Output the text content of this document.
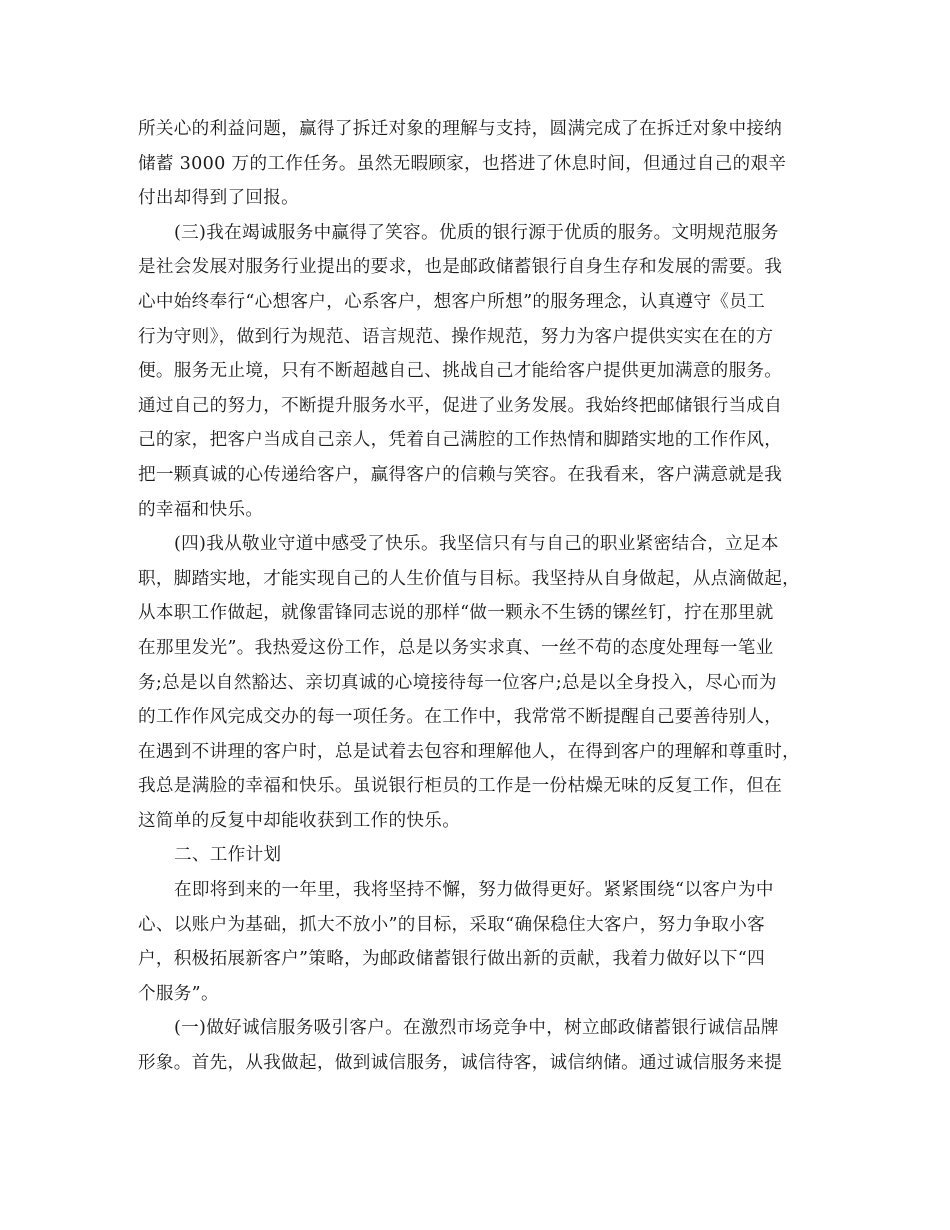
所关心的利益问题，赢得了拆迁对象的理解与支持，圆满完成了在拆迁对象中接纳
储蓄 3000 万的工作任务。虽然无暇顾家，也搭进了休息时间，但通过自己的艰辛
付出却得到了回报。
(三)我在竭诚服务中赢得了笑容。优质的银行源于优质的服务。文明规范服务
是社会发展对服务行业提出的要求，也是邮政储蓄银行自身生存和发展的需要。我
心中始终奉行“心想客户，心系客户，想客户所想”的服务理念，认真遵守《员工
行为守则》，做到行为规范、语言规范、操作规范，努力为客户提供实实在在的方
便。服务无止境，只有不断超越自己、挑战自己才能给客户提供更加满意的服务。
通过自己的努力，不断提升服务水平，促进了业务发展。我始终把邮储银行当成自
己的家，把客户当成自己亲人，凭着自己满腔的工作热情和脚踏实地的工作作风，
把一颗真诚的心传递给客户，赢得客户的信赖与笑容。在我看来，客户满意就是我
的幸福和快乐。
(四)我从敬业守道中感受了快乐。我坚信只有与自己的职业紧密结合，立足本
职，脚踏实地，才能实现自己的人生价值与目标。我坚持从自身做起，从点滴做起，
从本职工作做起，就像雷锋同志说的那样“做一颗永不生锈的镙丝钉，拧在那里就
在那里发光”。我热爱这份工作，总是以务实求真、一丝不苟的态度处理每一笔业
务;总是以自然豁达、亲切真诚的心境接待每一位客户;总是以全身投入，尽心而为
的工作作风完成交办的每一项任务。在工作中，我常常不断提醒自己要善待别人，
在遇到不讲理的客户时，总是试着去包容和理解他人，在得到客户的理解和尊重时，
我总是满脸的幸福和快乐。虽说银行柜员的工作是一份枯燥无味的反复工作，但在
这简单的反复中却能收获到工作的快乐。
二、工作计划
在即将到来的一年里，我将坚持不懈，努力做得更好。紧紧围绕“以客户为中
心、以账户为基础，抓大不放小”的目标，采取“确保稳住大客户，努力争取小客
户，积极拓展新客户”策略，为邮政储蓄银行做出新的贡献，我着力做好以下“四
个服务”。
(一)做好诚信服务吸引客户。在激烈市场竞争中，树立邮政储蓄银行诚信品牌
形象。首先，从我做起，做到诚信服务，诚信待客，诚信纳储。通过诚信服务来提
